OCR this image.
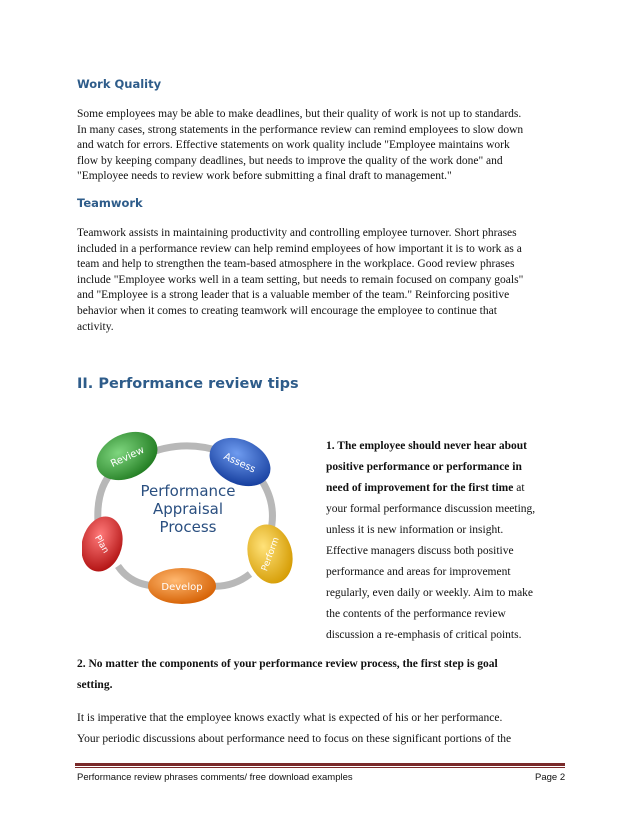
Work Quality
Some employees may be able to make deadlines, but their quality of work is not up to standards.
In many cases, strong statements in the performance review can remind employees to slow down
and watch for errors. Effective statements on work quality include "Employee maintains work
flow by keeping company deadlines, but needs to improve the quality of the work done" and
"Employee needs to review work before submitting a final draft to management."
Teamwork
Teamwork assists in maintaining productivity and controlling employee turnover. Short phrases
included in a performance review can help remind employees of how important it is to work as a
team and help to strengthen the team-based atmosphere in the workplace. Good review phrases
include "Employee works well in a team setting, but needs to remain focused on company goals"
and "Employee is a strong leader that is a valuable member of the team." Reinforcing positive
behavior when it comes to creating teamwork will encourage the employee to continue that
activity.
II. Performance review tips
Review	Assess
Perform
Develop
Plan
Performance
Appraisal
Process
1. The employee should never hear about
positive performance or performance in
need of improvement for the first time at
your formal performance discussion meeting,
unless it is new information or insight.
Effective managers discuss both positive
performance and areas for improvement
regularly, even daily or weekly. Aim to make
the contents of the performance review
discussion a re-emphasis of critical points.
2. No matter the components of your performance review process, the first step is goal
setting.
It is imperative that the employee knows exactly what is expected of his or her performance.
Your periodic discussions about performance need to focus on these significant portions of the
Performance review phrases comments/ free download examples	Page 2
